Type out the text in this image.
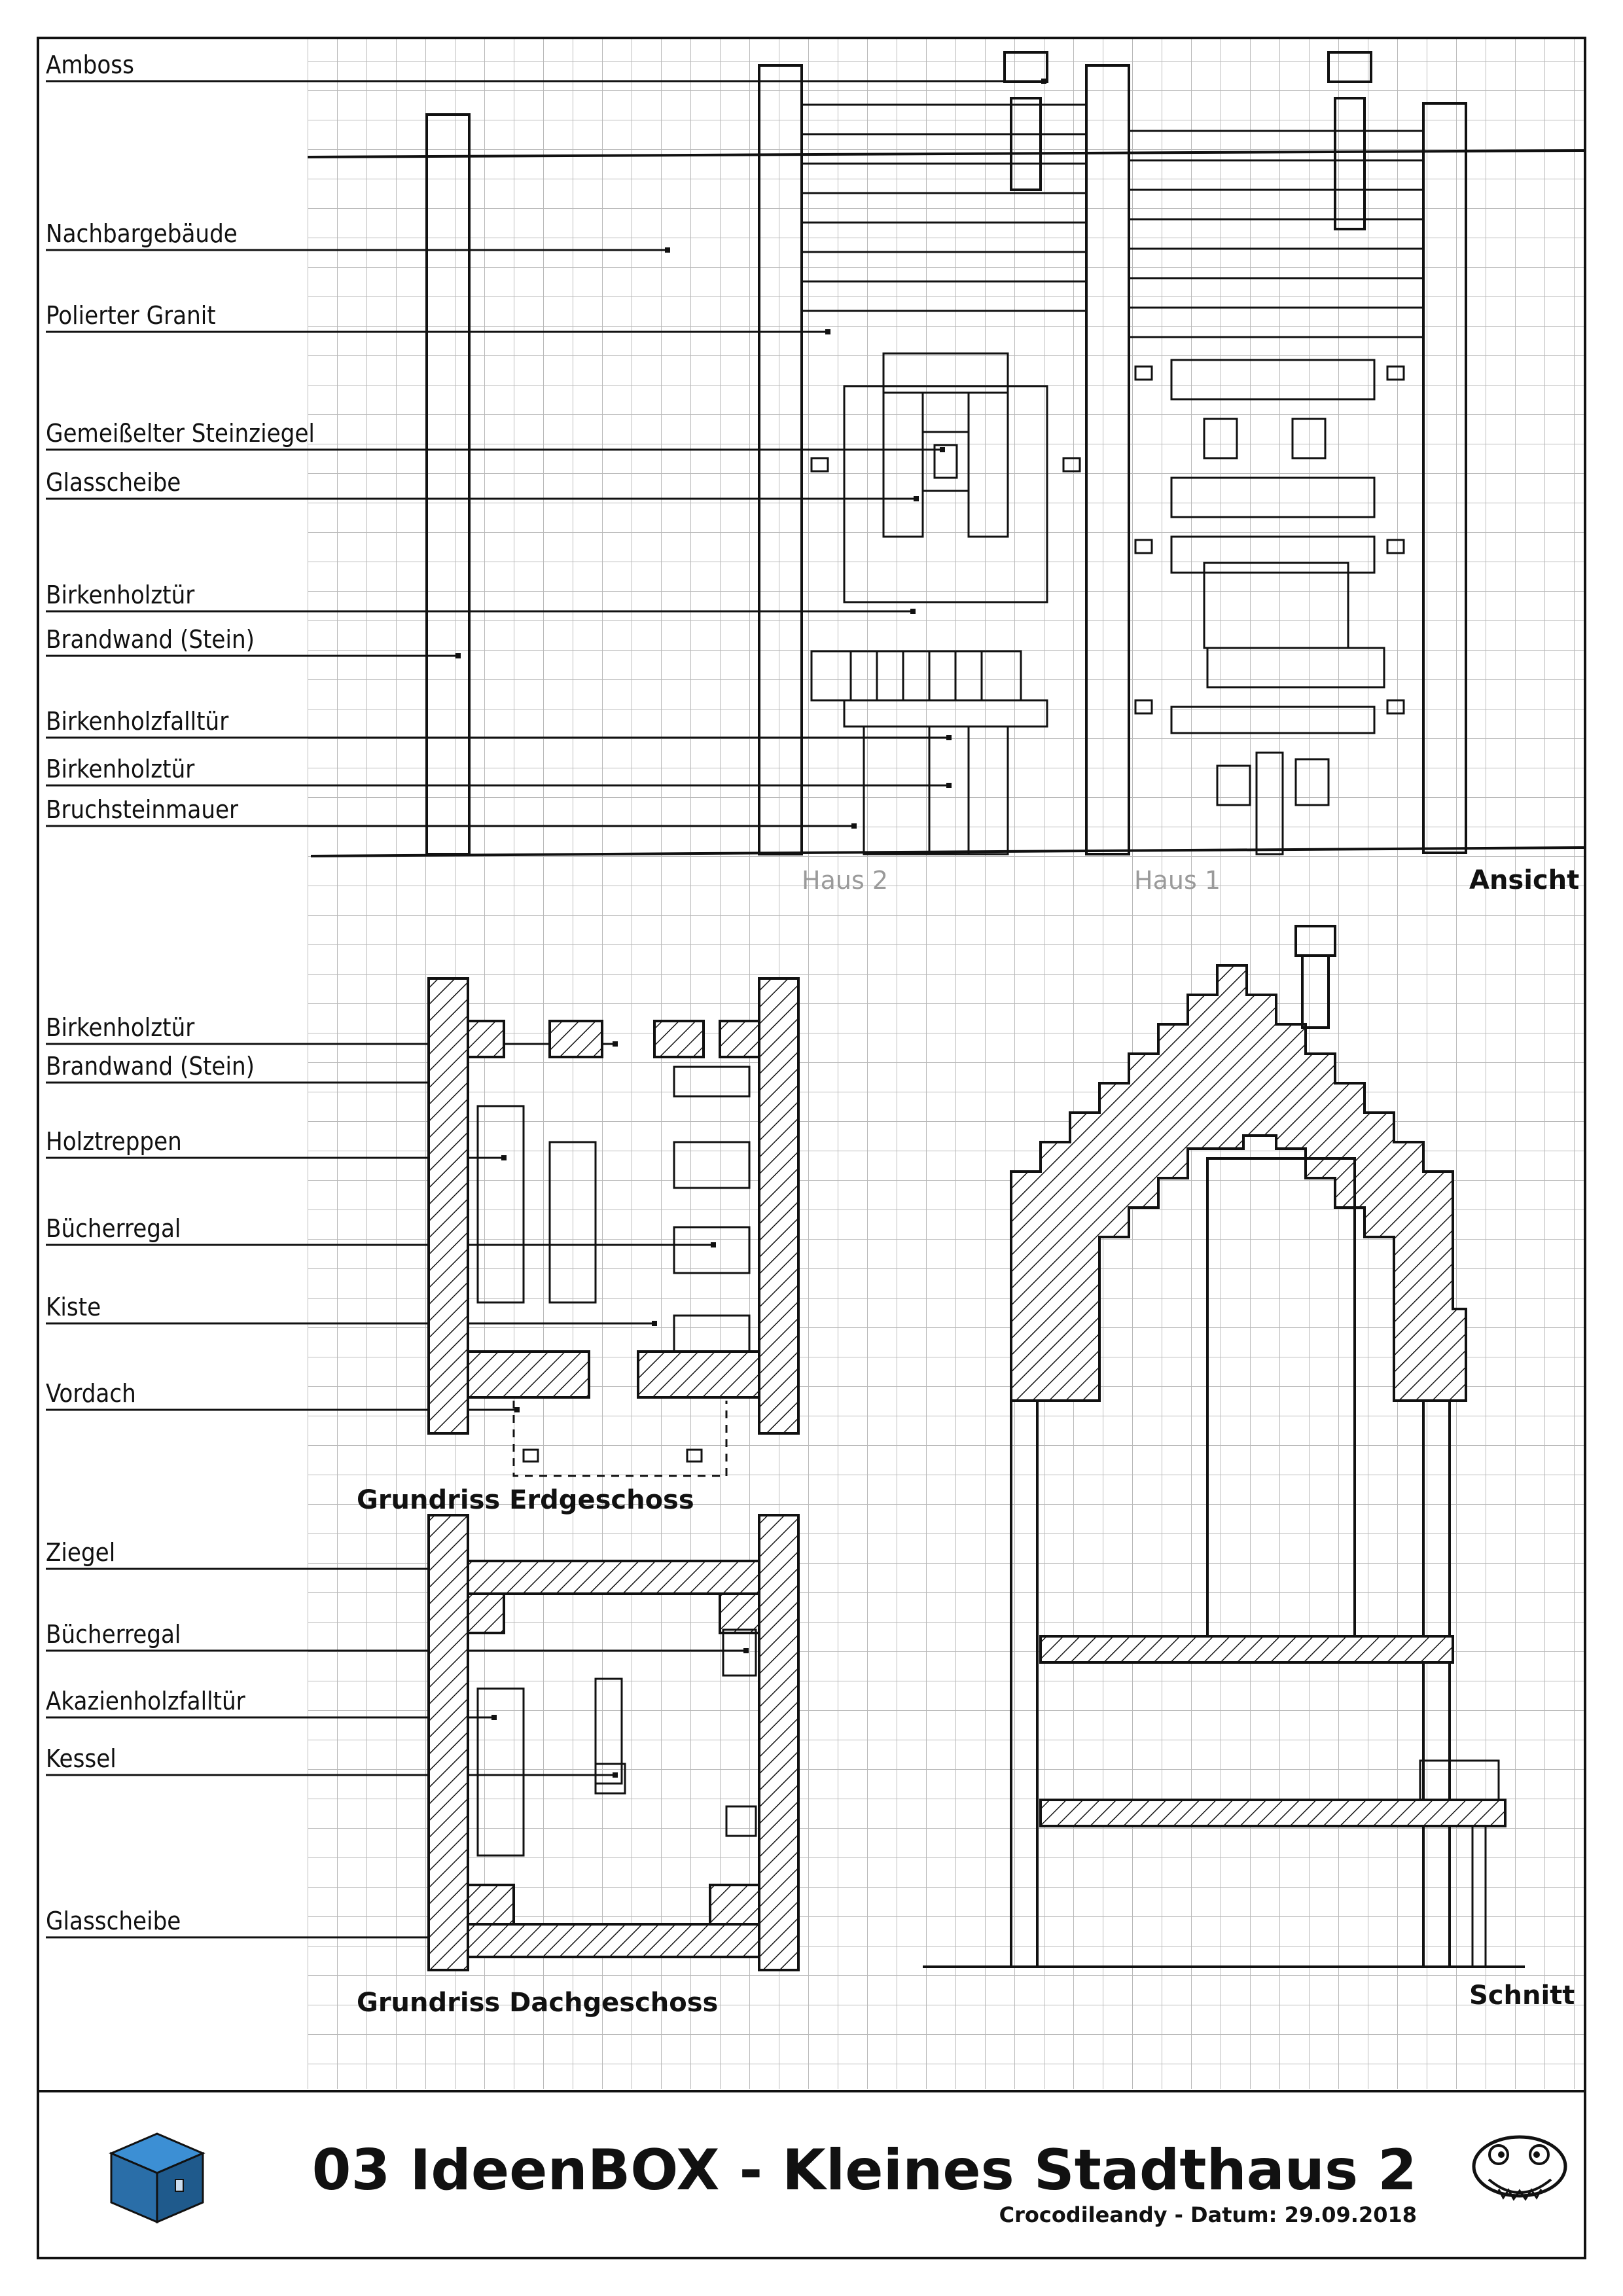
Amboss
Nachbargebäude
Polierter Granit
Gemeißelter Steinziegel
Glasscheibe
Birkenholztür
Brandwand (Stein)
Birkenholzfalltür
Birkenholztür
Bruchsteinmauer
Birkenholztür
Brandwand (Stein)
Holztreppen
Bücherregal
Kiste
Vordach
Ziegel
Bücherregal
Akazienholzfalltür
Kessel
Glasscheibe
Haus 2	Haus 1	Ansicht
Grundriss Erdgeschoss
Grundriss Dachgeschoss	Schnitt
03 IdeenBOX - Kleines Stadthaus 2
Crocodileandy - Datum: 29.09.2018
